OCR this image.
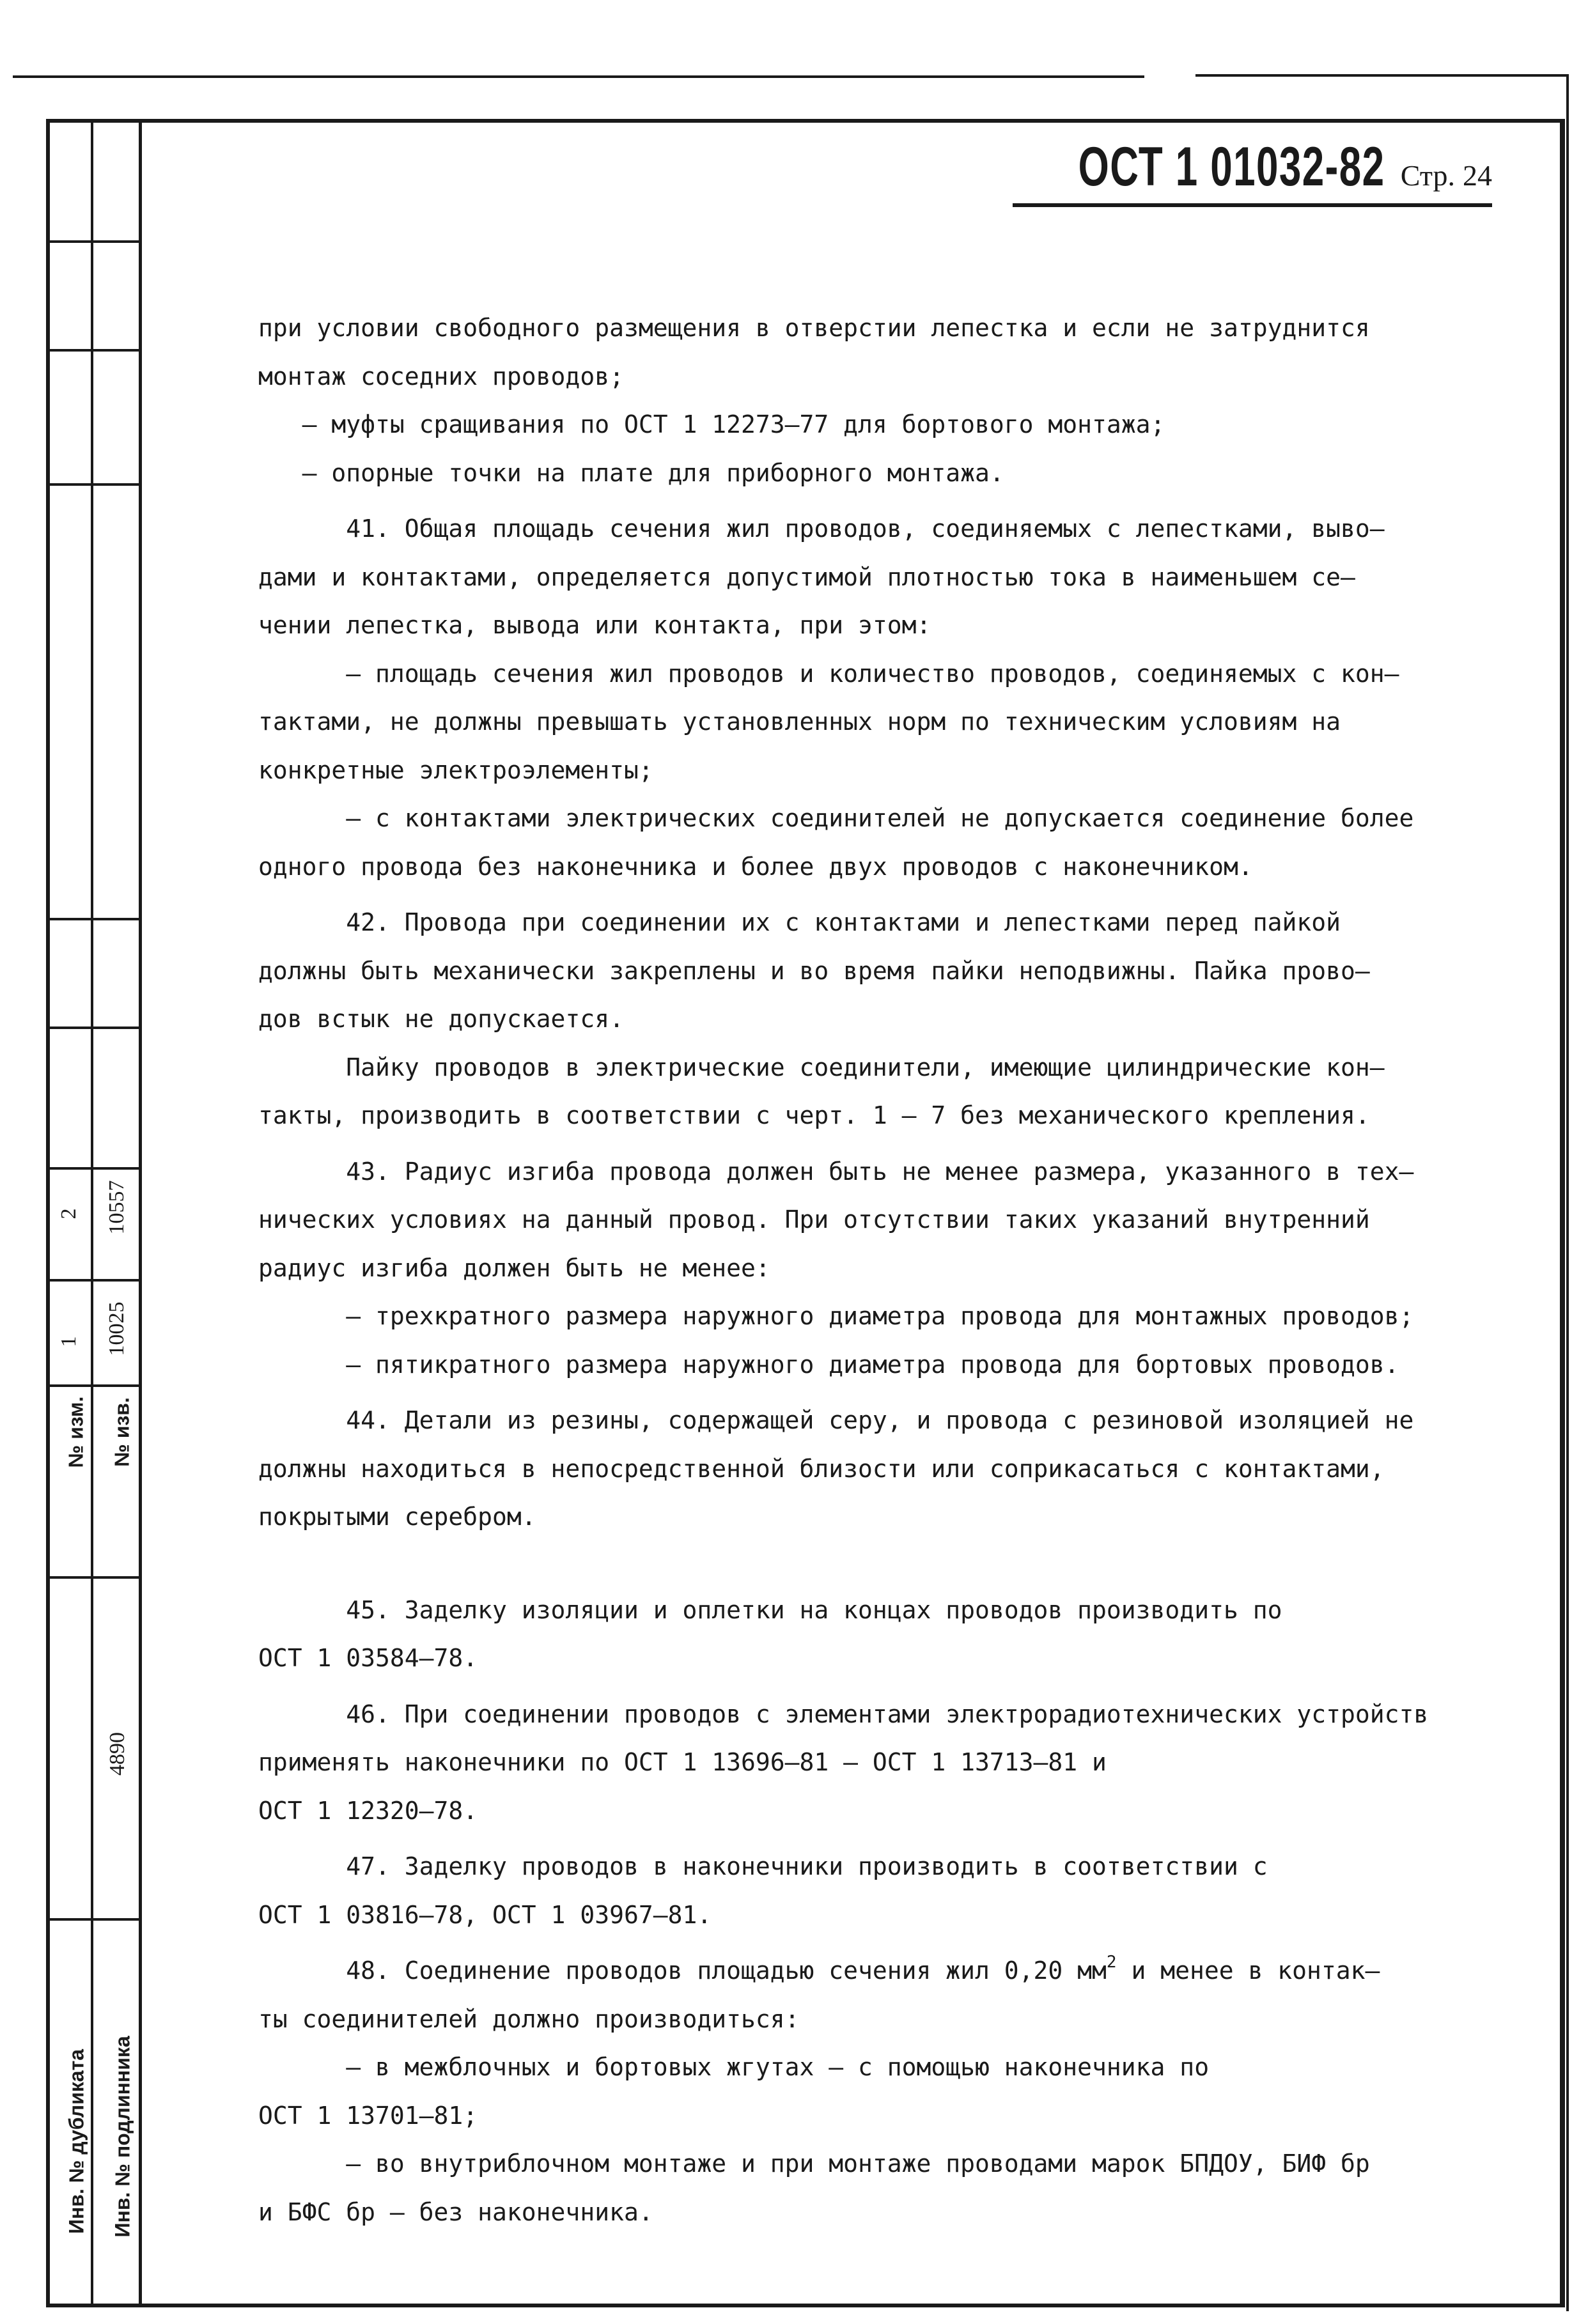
2 10557
1 10025
№ изм. № изв.
4890
Инв. № дубликата Инв. № подлинника
ОСТ 1 01032-82 Стр. 24
при условии свободного размещения в отверстии лепестка и если не затруднится
монтаж соседних проводов;
– муфты сращивания по ОСТ 1 12273–77 для бортового монтажа;
– опорные точки на плате для приборного монтажа.
41. Общая площадь сечения жил проводов, соединяемых с лепестками, выво–
дами и контактами, определяется допустимой плотностью тока в наименьшем се–
чении лепестка, вывода или контакта, при этом:
– площадь сечения жил проводов и количество проводов, соединяемых с кон–
тактами, не должны превышать установленных норм по техническим условиям на
конкретные электроэлементы;
– с контактами электрических соединителей не допускается соединение более
одного провода без наконечника и более двух проводов с наконечником.
42. Провода при соединении их с контактами и лепестками перед пайкой
должны быть механически закреплены и во время пайки неподвижны. Пайка прово–
дов встык не допускается.
Пайку проводов в электрические соединители, имеющие цилиндрические кон–
такты, производить в соответствии с черт. 1 – 7 без механического крепления.
43. Радиус изгиба провода должен быть не менее размера, указанного в тех–
нических условиях на данный провод. При отсутствии таких указаний внутренний
радиус изгиба должен быть не менее:
– трехкратного размера наружного диаметра провода для монтажных проводов;
– пятикратного размера наружного диаметра провода для бортовых проводов.
44. Детали из резины, содержащей серу, и провода с резиновой изоляцией не
должны находиться в непосредственной близости или соприкасаться с контактами,
покрытыми серебром.
45. Заделку изоляции и оплетки на концах проводов производить по
ОСТ 1 03584–78.
46. При соединении проводов с элементами электрорадиотехнических устройств
применять наконечники по ОСТ 1 13696–81 – ОСТ 1 13713–81 и
ОСТ 1 12320–78.
47. Заделку проводов в наконечники производить в соответствии с
ОСТ 1 03816–78, ОСТ 1 03967–81.
48. Соединение проводов площадью сечения жил 0,20 $мм^2$ и менее в контак–
ты соединителей должно производиться:
– в межблочных и бортовых жгутах – с помощью наконечника по
ОСТ 1 13701–81;
– во внутриблочном монтаже и при монтаже проводами марок БПДОУ, БИФ бр
и БФС бр – без наконечника.
